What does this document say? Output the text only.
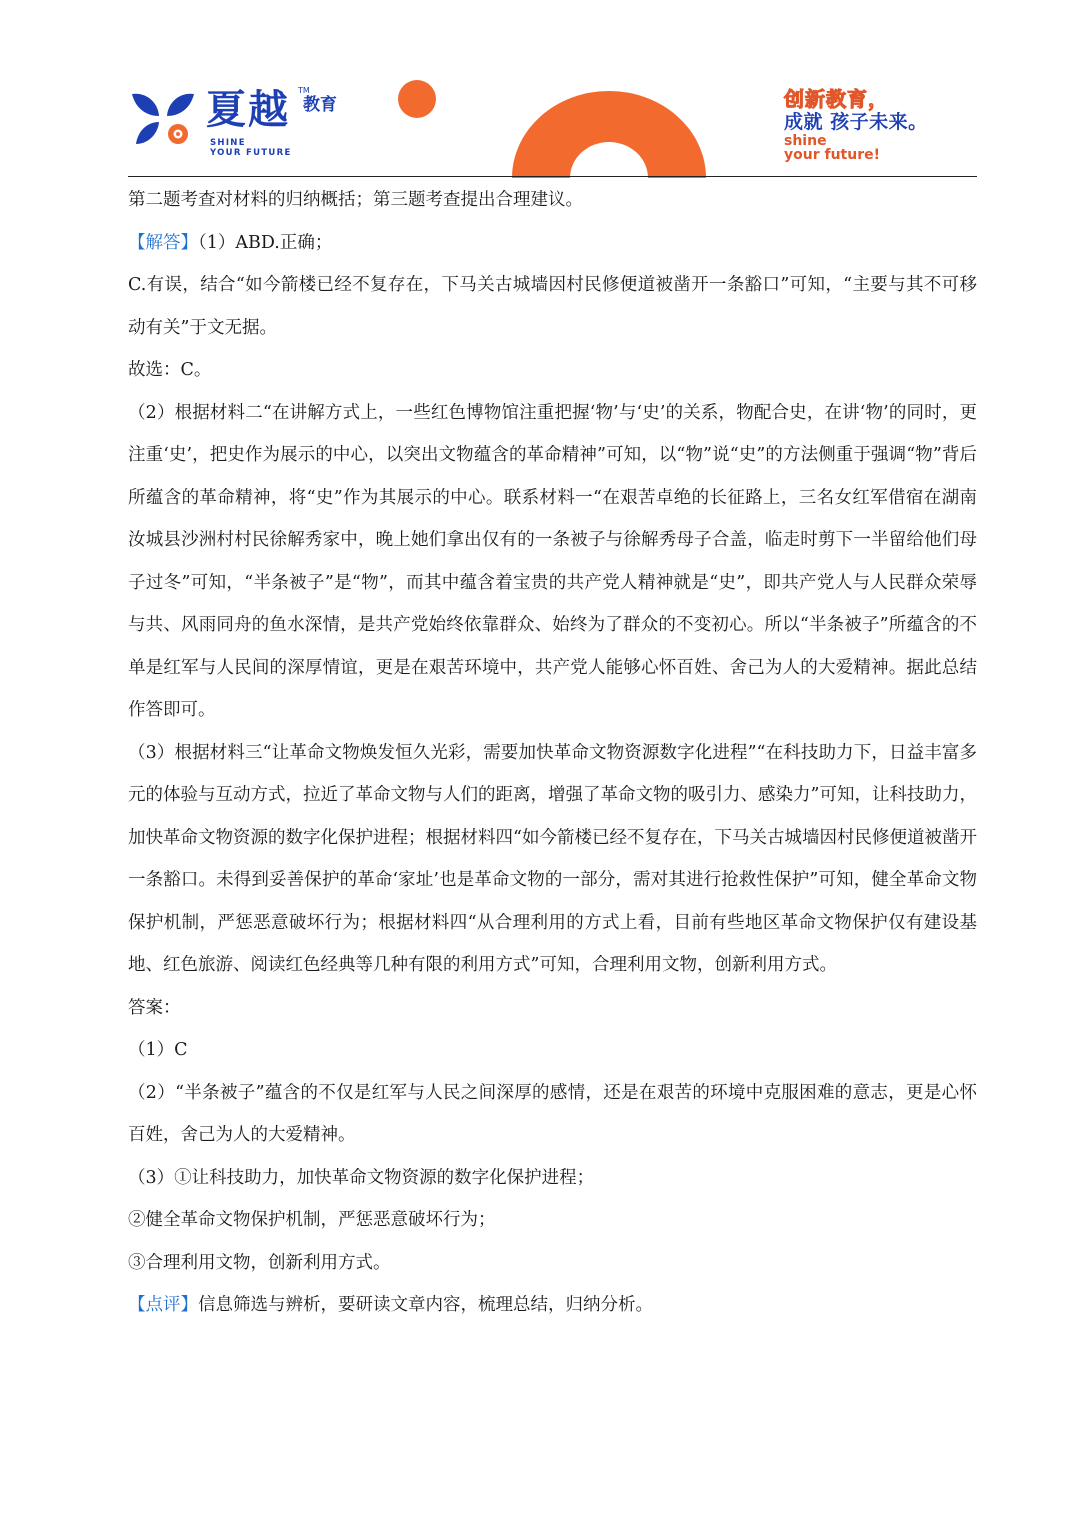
夏越 TM
教育
SHINE
YOUR FUTURE
创新教育，
成就 孩子未来。
shine
your future!

第二题考查对材料的归纳概括；第三题考查提出合理建议。

【解答】（1）ABD.正确；

C.有误，结合“如今箭楼已经不复存在，下马关古城墙因村民修便道被凿开一条豁口”可知，“主要与其不可移动有关”于文无据。

故选：C。

（2）根据材料二“在讲解方式上，一些红色博物馆注重把握‘物’与‘史’的关系，物配合史，在讲‘物’的同时，更注重‘史’，把史作为展示的中心，以突出文物蕴含的革命精神”可知，以“物”说“史”的方法侧重于强调“物”背后所蕴含的革命精神，将“史”作为其展示的中心。联系材料一“在艰苦卓绝的长征路上，三名女红军借宿在湖南汝城县沙洲村村民徐解秀家中，晚上她们拿出仅有的一条被子与徐解秀母子合盖，临走时剪下一半留给他们母子过冬”可知，“半条被子”是“物”，而其中蕴含着宝贵的共产党人精神就是“史”，即共产党人与人民群众荣辱与共、风雨同舟的鱼水深情，是共产党始终依靠群众、始终为了群众的不变初心。所以“半条被子”所蕴含的不单是红军与人民间的深厚情谊，更是在艰苦环境中，共产党人能够心怀百姓、舍己为人的大爱精神。据此总结作答即可。

（3）根据材料三“让革命文物焕发恒久光彩，需要加快革命文物资源数字化进程”“在科技助力下，日益丰富多元的体验与互动方式，拉近了革命文物与人们的距离，增强了革命文物的吸引力、感染力”可知，让科技助力，加快革命文物资源的数字化保护进程；根据材料四“如今箭楼已经不复存在，下马关古城墙因村民修便道被凿开一条豁口。未得到妥善保护的革命‘家址’也是革命文物的一部分，需对其进行抢救性保护”可知，健全革命文物保护机制，严惩恶意破坏行为；根据材料四“从合理利用的方式上看，目前有些地区革命文物保护仅有建设基地、红色旅游、阅读红色经典等几种有限的利用方式”可知，合理利用文物，创新利用方式。

答案：

（1）C

（2）“半条被子”蕴含的不仅是红军与人民之间深厚的感情，还是在艰苦的环境中克服困难的意志，更是心怀百姓，舍己为人的大爱精神。

（3）①让科技助力，加快革命文物资源的数字化保护进程；

②健全革命文物保护机制，严惩恶意破坏行为；

③合理利用文物，创新利用方式。

【点评】信息筛选与辨析，要研读文章内容，梳理总结，归纳分析。
